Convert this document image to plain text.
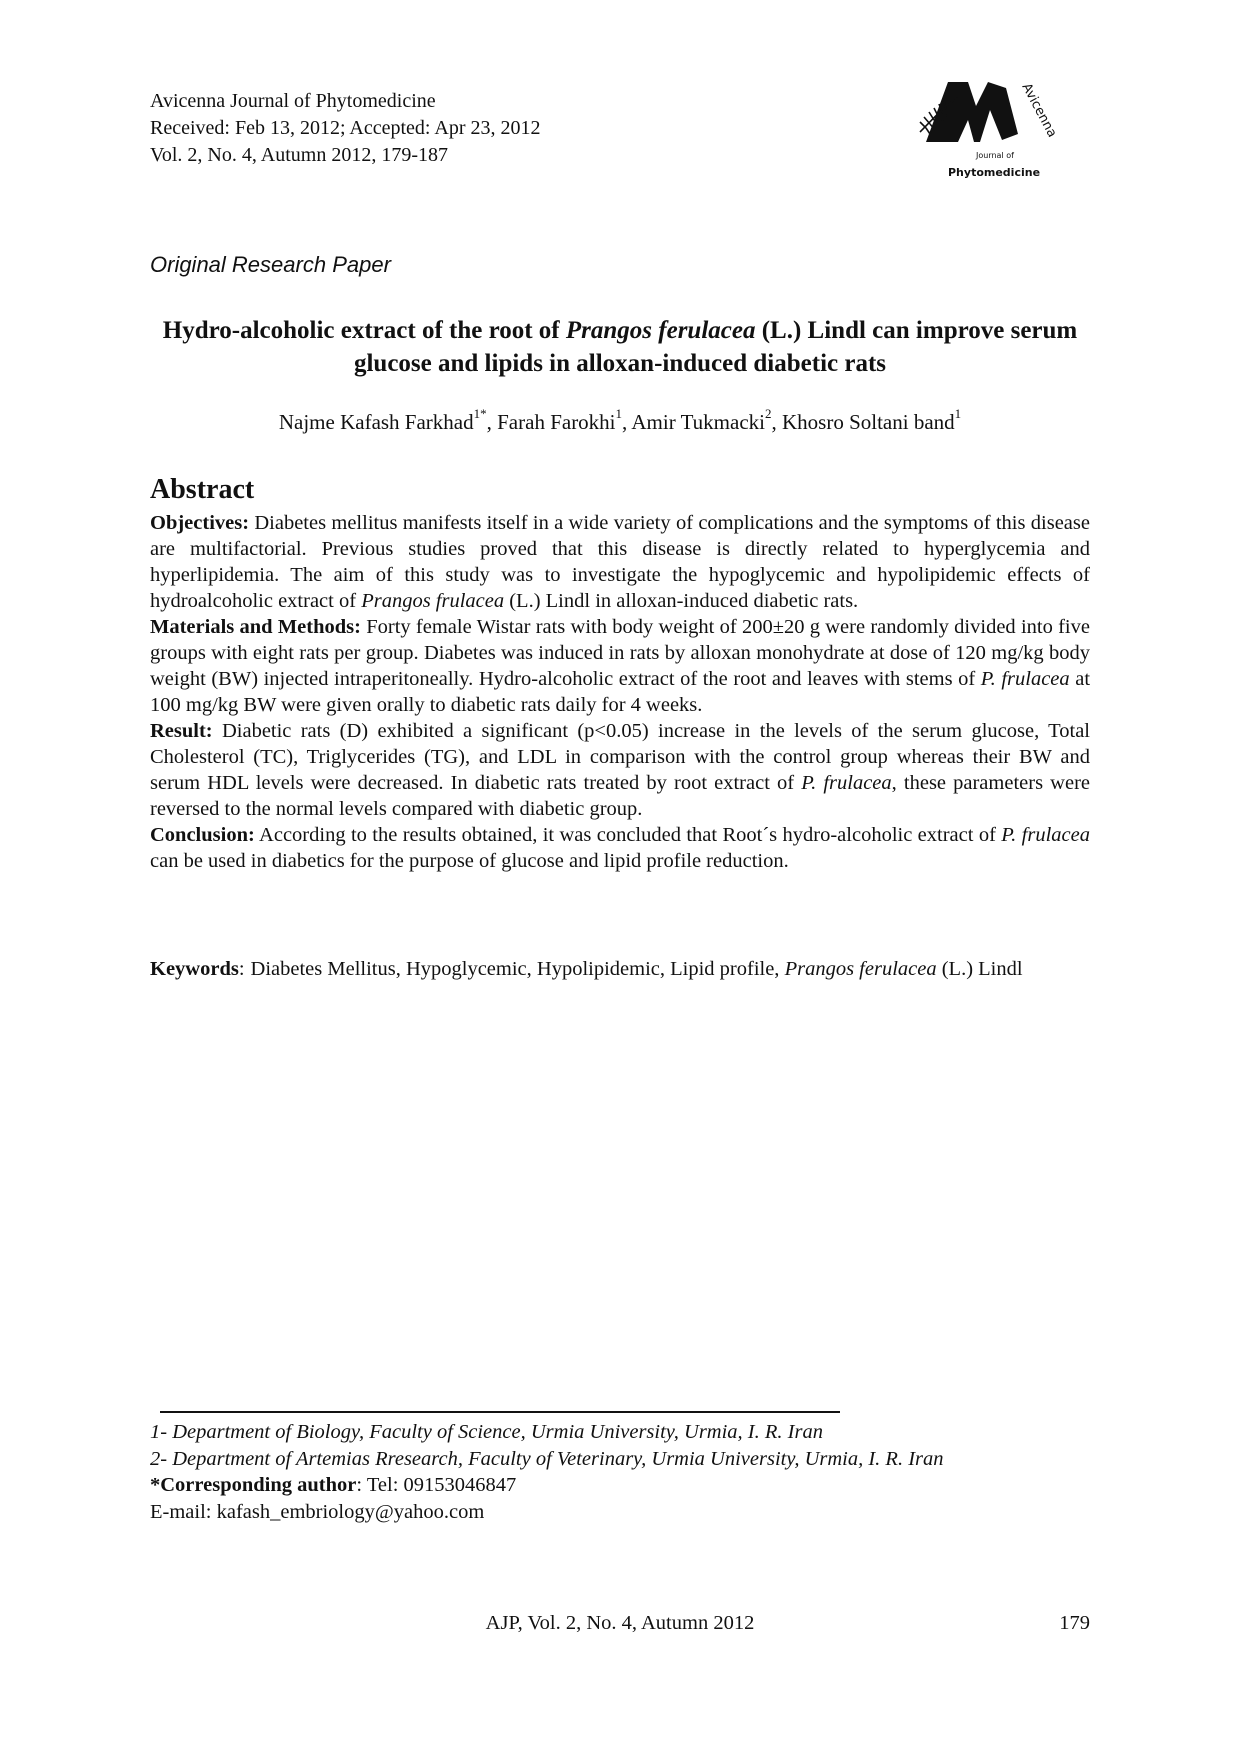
Avicenna Journal of Phytomedicine
Received: Feb 13, 2012; Accepted: Apr 23, 2012
Vol. 2, No. 4, Autumn 2012, 179-187
Avicenna
Journal of
Phytomedicine
Original Research Paper
Hydro-alcoholic extract of the root of Prangos ferulacea (L.) Lindl can improve serum glucose and lipids in alloxan-induced diabetic rats
Najme Kafash Farkhad$^{1*}$, Farah Farokhi$^1$, Amir Tukmacki$^2$, Khosro Soltani band$^1$
Abstract

Objectives: Diabetes mellitus manifests itself in a wide variety of complications and the symptoms of this disease are multifactorial. Previous studies proved that this disease is directly related to hyperglycemia and hyperlipidemia. The aim of this study was to investigate the hypoglycemic and hypolipidemic effects of hydroalcoholic extract of Prangos frulacea (L.) Lindl in alloxan-induced diabetic rats.

Materials and Methods: Forty female Wistar rats with body weight of 200±20 g were randomly divided into five groups with eight rats per group. Diabetes was induced in rats by alloxan monohydrate at dose of 120 mg/kg body weight (BW) injected intraperitoneally. Hydro-alcoholic extract of the root and leaves with stems of P. frulacea at 100 mg/kg BW were given orally to diabetic rats daily for 4 weeks.

Result: Diabetic rats (D) exhibited a significant (p<0.05) increase in the levels of the serum glucose, Total Cholesterol (TC), Triglycerides (TG), and LDL in comparison with the control group whereas their BW and serum HDL levels were decreased. In diabetic rats treated by root extract of P. frulacea, these parameters were reversed to the normal levels compared with diabetic group.

Conclusion: According to the results obtained, it was concluded that Root´s hydro-alcoholic extract of P. frulacea can be used in diabetics for the purpose of glucose and lipid profile reduction.

Keywords: Diabetes Mellitus, Hypoglycemic, Hypolipidemic, Lipid profile, Prangos ferulacea (L.) Lindl
1- Department of Biology, Faculty of Science, Urmia University, Urmia, I. R. Iran
2- Department of Artemias Rresearch, Faculty of Veterinary, Urmia University, Urmia, I. R. Iran
*Corresponding author: Tel: 09153046847
E-mail: kafash_embriology@yahoo.com
AJP, Vol. 2, No. 4, Autumn 2012	179
